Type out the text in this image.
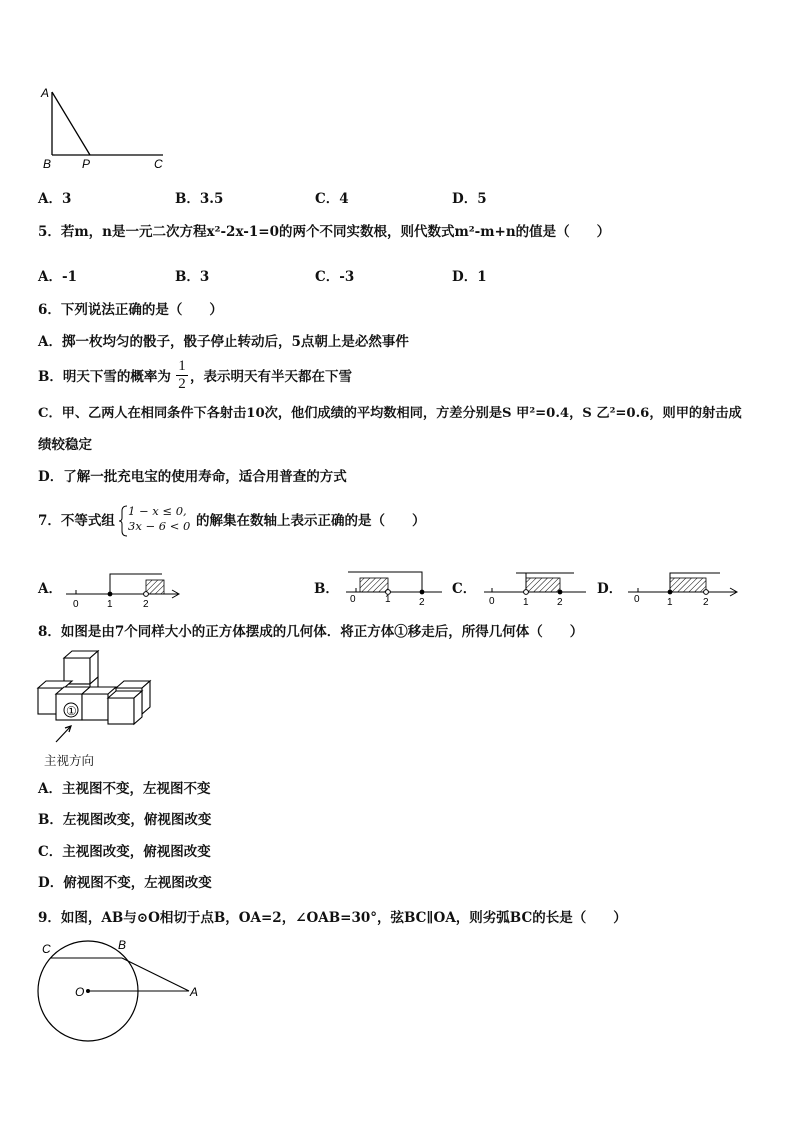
A
B	P	C
A．3	B．3.5	C．4	D．5
5．若m，n是一元二次方程x²-2x-1=0的两个不同实数根，则代数式m²-m+n的值是（　　）
A．-1	B．3	C．-3	D．1
6．下列说法正确的是（　　）
A．掷一枚均匀的骰子，骰子停止转动后，5点朝上是必然事件
B．明天下雪的概率为
1
2 ，表示明天有半天都在下雪
C．甲、乙两人在相同条件下各射击10次，他们成绩的平均数相同，方差分别是S 甲²=0.4，S 乙²=0.6，则甲的射击成
绩较稳定
D．了解一批充电宝的使用寿命，适合用普查的方式
7．不等式组
1 − 𝑥 ≤ 0,
3𝑥 − 6 < 0 的解集在数轴上表示正确的是（　　）
A．
0	1	2
B．
0	1	2
C．
0	1	2
D．
0	1	2
8．如图是由7个同样大小的正方体摆成的几何体．将正方体①移走后，所得几何体（　　）
①
主视方向
A．主视图不变，左视图不变
B．左视图改变，俯视图改变
C．主视图改变，俯视图改变
D．俯视图不变，左视图改变
9．如图，AB与⊙O相切于点B，OA=2，∠OAB=30°，弦BC∥OA，则劣弧BC的长是（　　）
C	B
O	A
